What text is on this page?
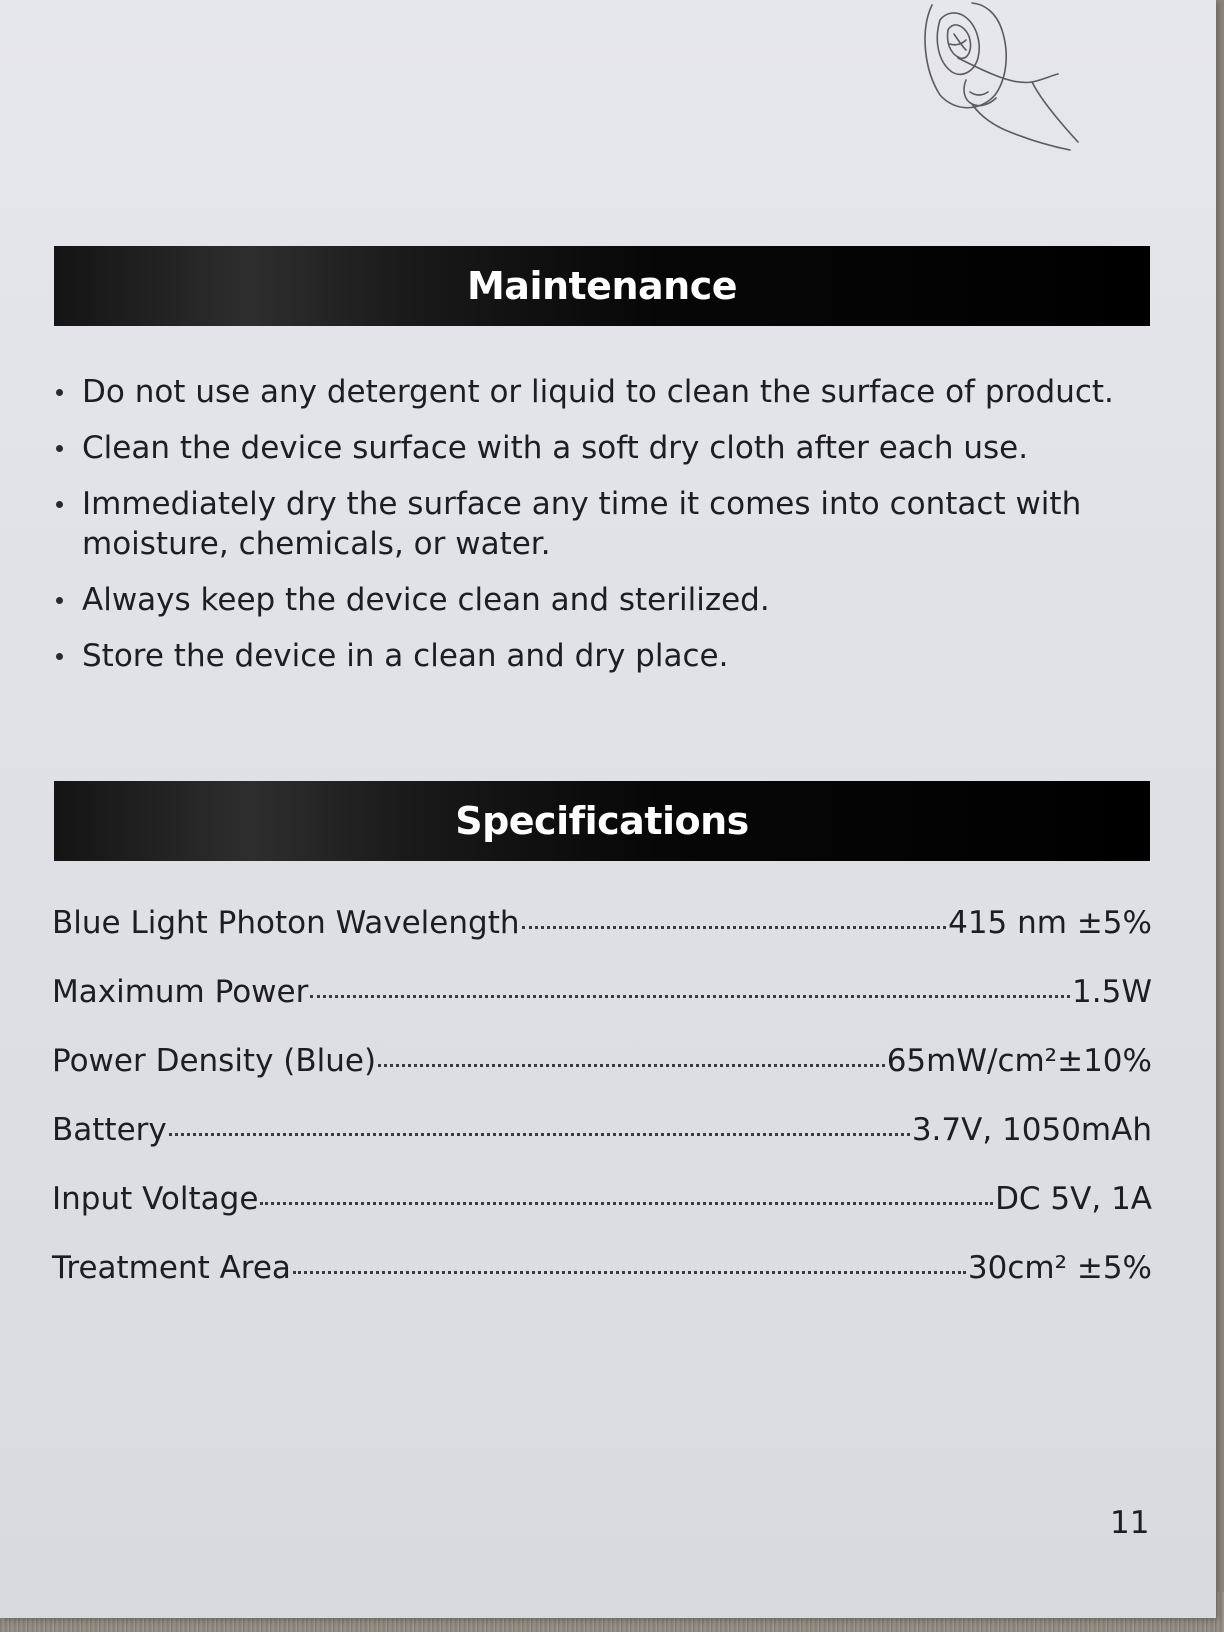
Maintenance
Do not use any detergent or liquid to clean the surface of product.
Clean the device surface with a soft dry cloth after each use.
Immediately dry the surface any time it comes into contact with moisture, chemicals, or water.
Always keep the device clean and sterilized.
Store the device in a clean and dry place.
Specifications
Blue Light Photon Wavelength	415 nm ±5%
Maximum Power	1.5W
Power Density (Blue)	65mW/cm²±10%
Battery	3.7V, 1050mAh
Input Voltage	DC 5V, 1A
Treatment Area	30cm² ±5%
11
